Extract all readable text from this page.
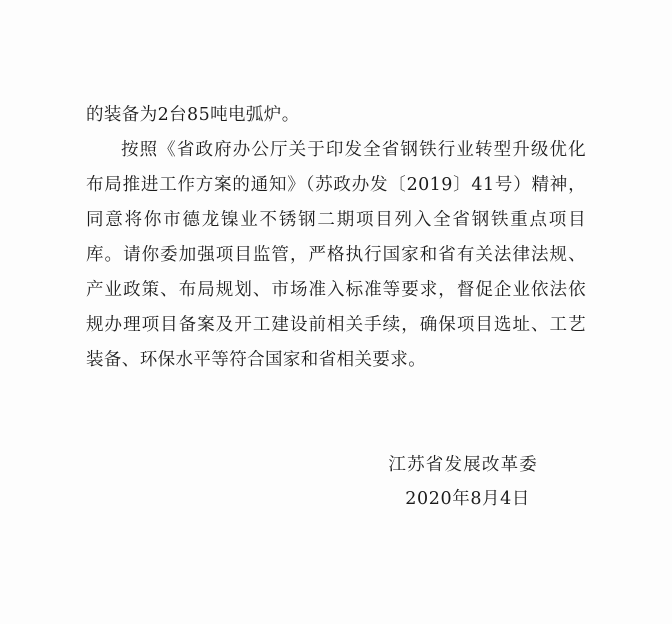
的装备为2台85吨电弧炉。

按照《省政府办公厅关于印发全省钢铁行业转型升级优化布局推进工作方案的通知》（苏政办发〔2019〕41号）精神，同意将你市德龙镍业不锈钢二期项目列入全省钢铁重点项目库。请你委加强项目监管，严格执行国家和省有关法律法规、产业政策、布局规划、市场准入标准等要求，督促企业依法依规办理项目备案及开工建设前相关手续，确保项目选址、工艺装备、环保水平等符合国家和省相关要求。

江苏省发展改革委
2020年8月4日
